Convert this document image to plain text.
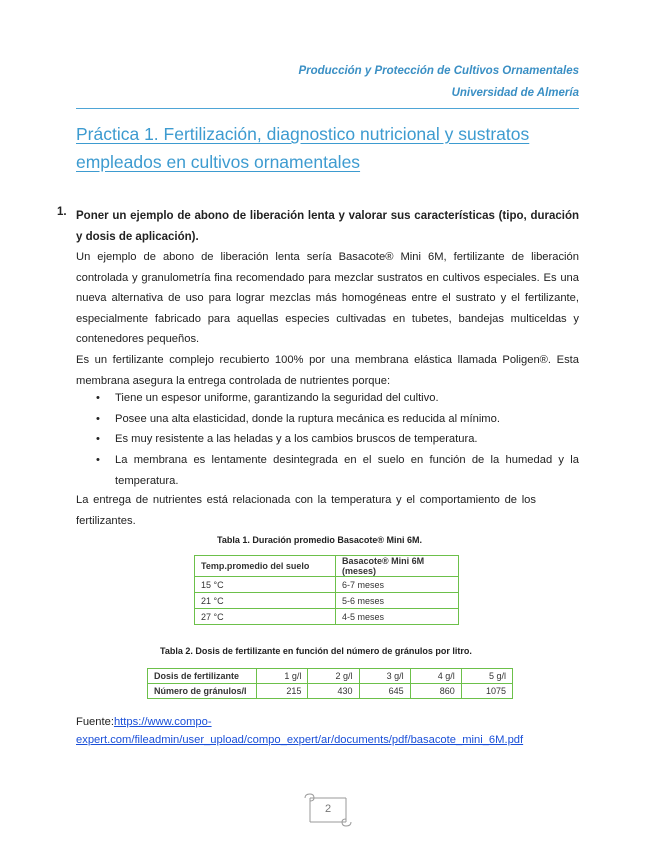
Producción y Protección de Cultivos Ornamentales
Universidad de Almería
Práctica 1. Fertilización, diagnostico nutricional y sustratos
empleados en cultivos ornamentales
1. Poner un ejemplo de abono de liberación lenta y valorar sus características (tipo, duración y dosis de aplicación).
Un ejemplo de abono de liberación lenta sería Basacote® Mini 6M, fertilizante de liberación controlada y granulometría fina recomendado para mezclar sustratos en cultivos especiales. Es una nueva alternativa de uso para lograr mezclas más homogéneas entre el sustrato y el fertilizante, especialmente fabricado para aquellas especies cultivadas en tubetes, bandejas multiceldas y contenedores pequeños.
Es un fertilizante complejo recubierto 100% por una membrana elástica llamada Poligen®. Esta membrana asegura la entrega controlada de nutrientes porque:
• Tiene un espesor uniforme, garantizando la seguridad del cultivo.
• Posee una alta elasticidad, donde la ruptura mecánica es reducida al mínimo.
• Es muy resistente a las heladas y a los cambios bruscos de temperatura.
• La membrana es lentamente desintegrada en el suelo en función de la humedad y la temperatura.
La entrega de nutrientes está relacionada con la temperatura y el comportamiento de los fertilizantes.
Tabla 1. Duración promedio Basacote® Mini 6M.
Temp.promedio del suelo	Basacote® Mini 6M (meses)
15 °C	6-7 meses
21 °C	5-6 meses
27 °C	4-5 meses
Tabla 2. Dosis de fertilizante en función del número de gránulos por litro.
Dosis de fertilizante	1 g/l	2 g/l	3 g/l	4 g/l	5 g/l
Número de gránulos/l	215	430	645	860	1075
Fuente:https://www.compo-
expert.com/fileadmin/user_upload/compo_expert/ar/documents/pdf/basacote_mini_6M.pdf
2
